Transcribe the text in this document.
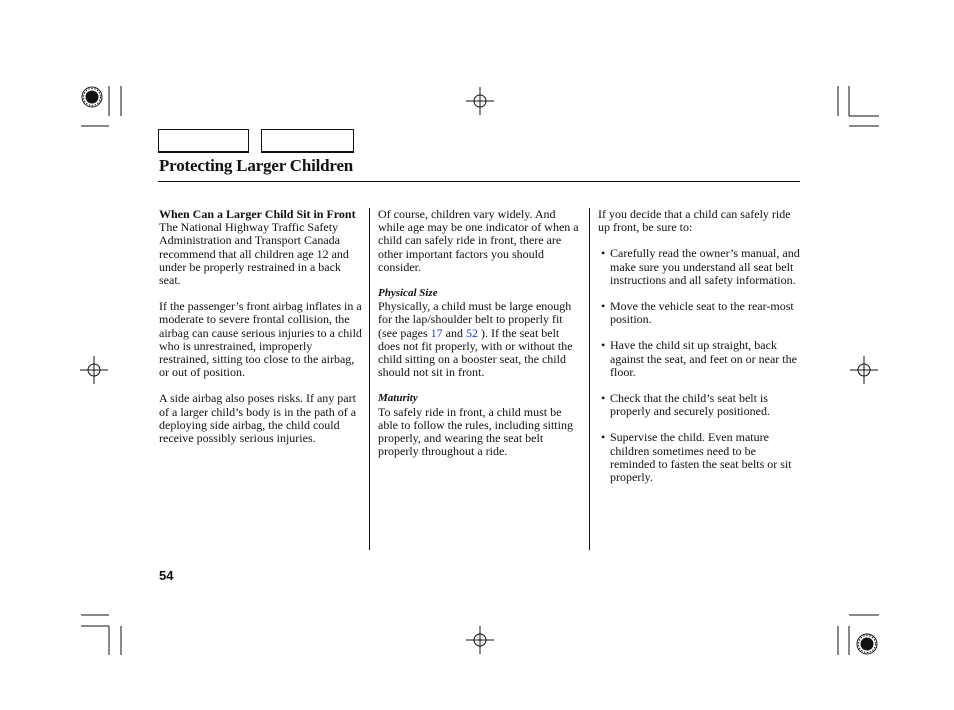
Protecting Larger Children

When Can a Larger Child Sit in Front

The National Highway Traffic Safety Administration and Transport Canada recommend that all children age 12 and under be properly restrained in a back seat.

If the passenger’s front airbag inflates in a moderate to severe frontal collision, the airbag can cause serious injuries to a child who is unrestrained, improperly restrained, sitting too close to the airbag, or out of position.

A side airbag also poses risks. If any part of a larger child’s body is in the path of a deploying side airbag, the child could receive possibly serious injuries.

Of course, children vary widely. And while age may be one indicator of when a child can safely ride in front, there are other important factors you should consider.

Physical Size

Physically, a child must be large enough for the lap/shoulder belt to properly fit (see pages 17 and 52 ). If the seat belt does not fit properly, with or without the child sitting on a booster seat, the child should not sit in front.

Maturity

To safely ride in front, a child must be able to follow the rules, including sitting properly, and wearing the seat belt properly throughout a ride.

If you decide that a child can safely ride up front, be sure to:

• Carefully read the owner’s manual, and make sure you understand all seat belt instructions and all safety information.
• Move the vehicle seat to the rear-most position.
• Have the child sit up straight, back against the seat, and feet on or near the floor.
• Check that the child’s seat belt is properly and securely positioned.
• Supervise the child. Even mature children sometimes need to be reminded to fasten the seat belts or sit properly.
54
